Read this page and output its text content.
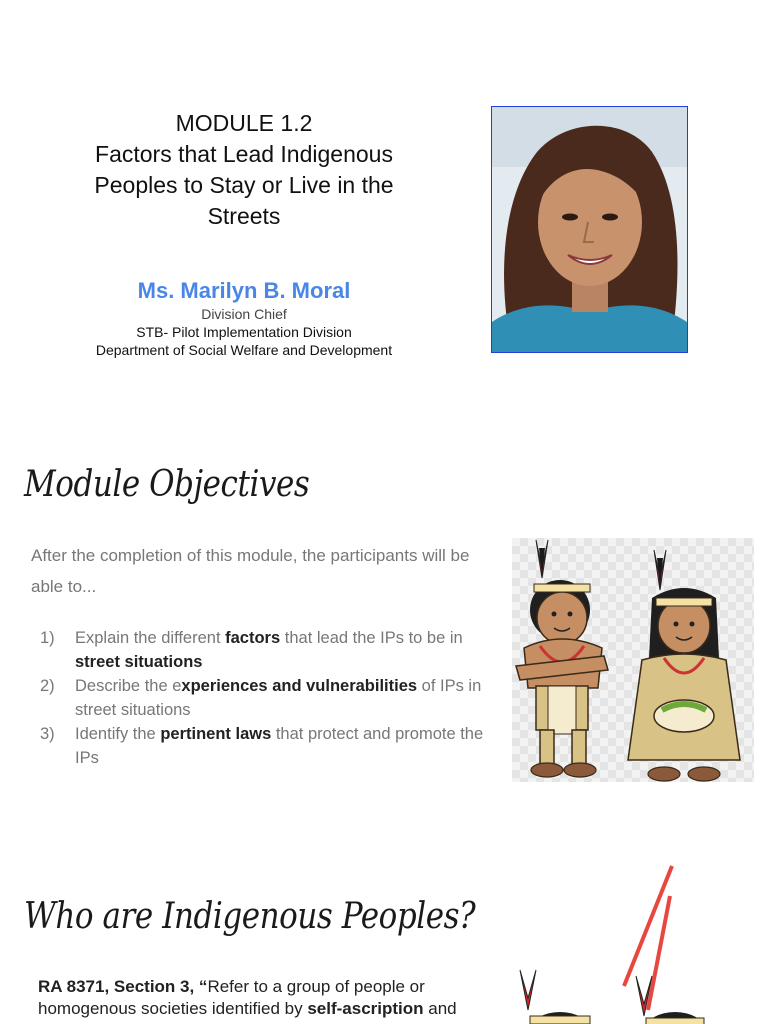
MODULE 1.2
Factors that Lead Indigenous
Peoples to Stay or Live in the
Streets
Ms. Marilyn B. Moral
Division Chief
STB- Pilot Implementation Division
Department of Social Welfare and Development
Module Objectives
After the completion of this module, the participants will be able to...
1) Explain the different factors that lead the IPs to be in street situations
2) Describe the experiences and vulnerabilities of IPs in street situations
3) Identify the pertinent laws that protect and promote the IPs
Who are Indigenous Peoples?
RA 8371, Section 3, “Refer to a group of people or homogenous societies identified by self-ascription and
